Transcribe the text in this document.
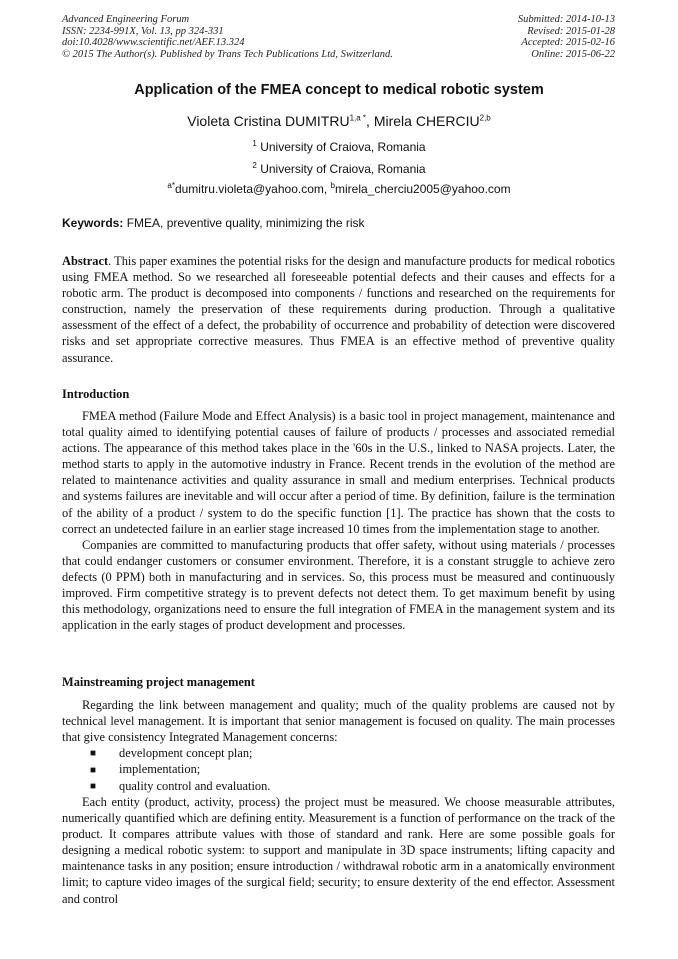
Advanced Engineering Forum
ISSN: 2234-991X, Vol. 13, pp 324-331
doi:10.4028/www.scientific.net/AEF.13.324
© 2015 The Author(s). Published by Trans Tech Publications Ltd, Switzerland.
Submitted: 2014-10-13
Revised: 2015-01-28
Accepted: 2015-02-16
Online: 2015-06-22
Application of the FMEA concept to medical robotic system
Violeta Cristina $DUMITRU^{1,a *}$, Mirela CHERCIU$^{2,b}$
$^1$ University of Craiova, Romania
$^2$ University of Craiova, Romania
$^{a*}$dumitru.violeta@yahoo.com, $^b$mirela_cherciu2005@yahoo.com
Keywords: FMEA, preventive quality, minimizing the risk

Abstract. This paper examines the potential risks for the design and manufacture products for medical robotics using FMEA method. So we researched all foreseeable potential defects and their causes and effects for a robotic arm. The product is decomposed into components / functions and researched on the requirements for construction, namely the preservation of these requirements during production. Through a qualitative assessment of the effect of a defect, the probability of occurrence and probability of detection were discovered risks and set appropriate corrective measures. Thus FMEA is an effective method of preventive quality assurance.

Introduction

FMEA method (Failure Mode and Effect Analysis) is a basic tool in project management, maintenance and total quality aimed to identifying potential causes of failure of products / processes and associated remedial actions. The appearance of this method takes place in the '60s in the U.S., linked to NASA projects. Later, the method starts to apply in the automotive industry in France. Recent trends in the evolution of the method are related to maintenance activities and quality assurance in small and medium enterprises. Technical products and systems failures are inevitable and will occur after a period of time. By definition, failure is the termination of the ability of a product / system to do the specific function [1]. The practice has shown that the costs to correct an undetected failure in an earlier stage increased 10 times from the implementation stage to another.

Companies are committed to manufacturing products that offer safety, without using materials / processes that could endanger customers or consumer environment. Therefore, it is a constant struggle to achieve zero defects (0 PPM) both in manufacturing and in services. So, this process must be measured and continuously improved. Firm competitive strategy is to prevent defects not detect them. To get maximum benefit by using this methodology, organizations need to ensure the full integration of FMEA in the management system and its application in the early stages of product development and processes.

Mainstreaming project management

Regarding the link between management and quality; much of the quality problems are caused not by technical level management. It is important that senior management is focused on quality. The main processes that give consistency Integrated Management concerns:

development concept plan;
implementation;
quality control and evaluation.

Each entity (product, activity, process) the project must be measured. We choose measurable attributes, numerically quantified which are defining entity. Measurement is a function of performance on the track of the product. It compares attribute values with those of standard and rank. Here are some possible goals for designing a medical robotic system: to support and manipulate in 3D space instruments; lifting capacity and maintenance tasks in any position; ensure introduction / withdrawal robotic arm in a anatomically environment limit; to capture video images of the surgical field; security; to ensure dexterity of the end effector. Assessment and control
